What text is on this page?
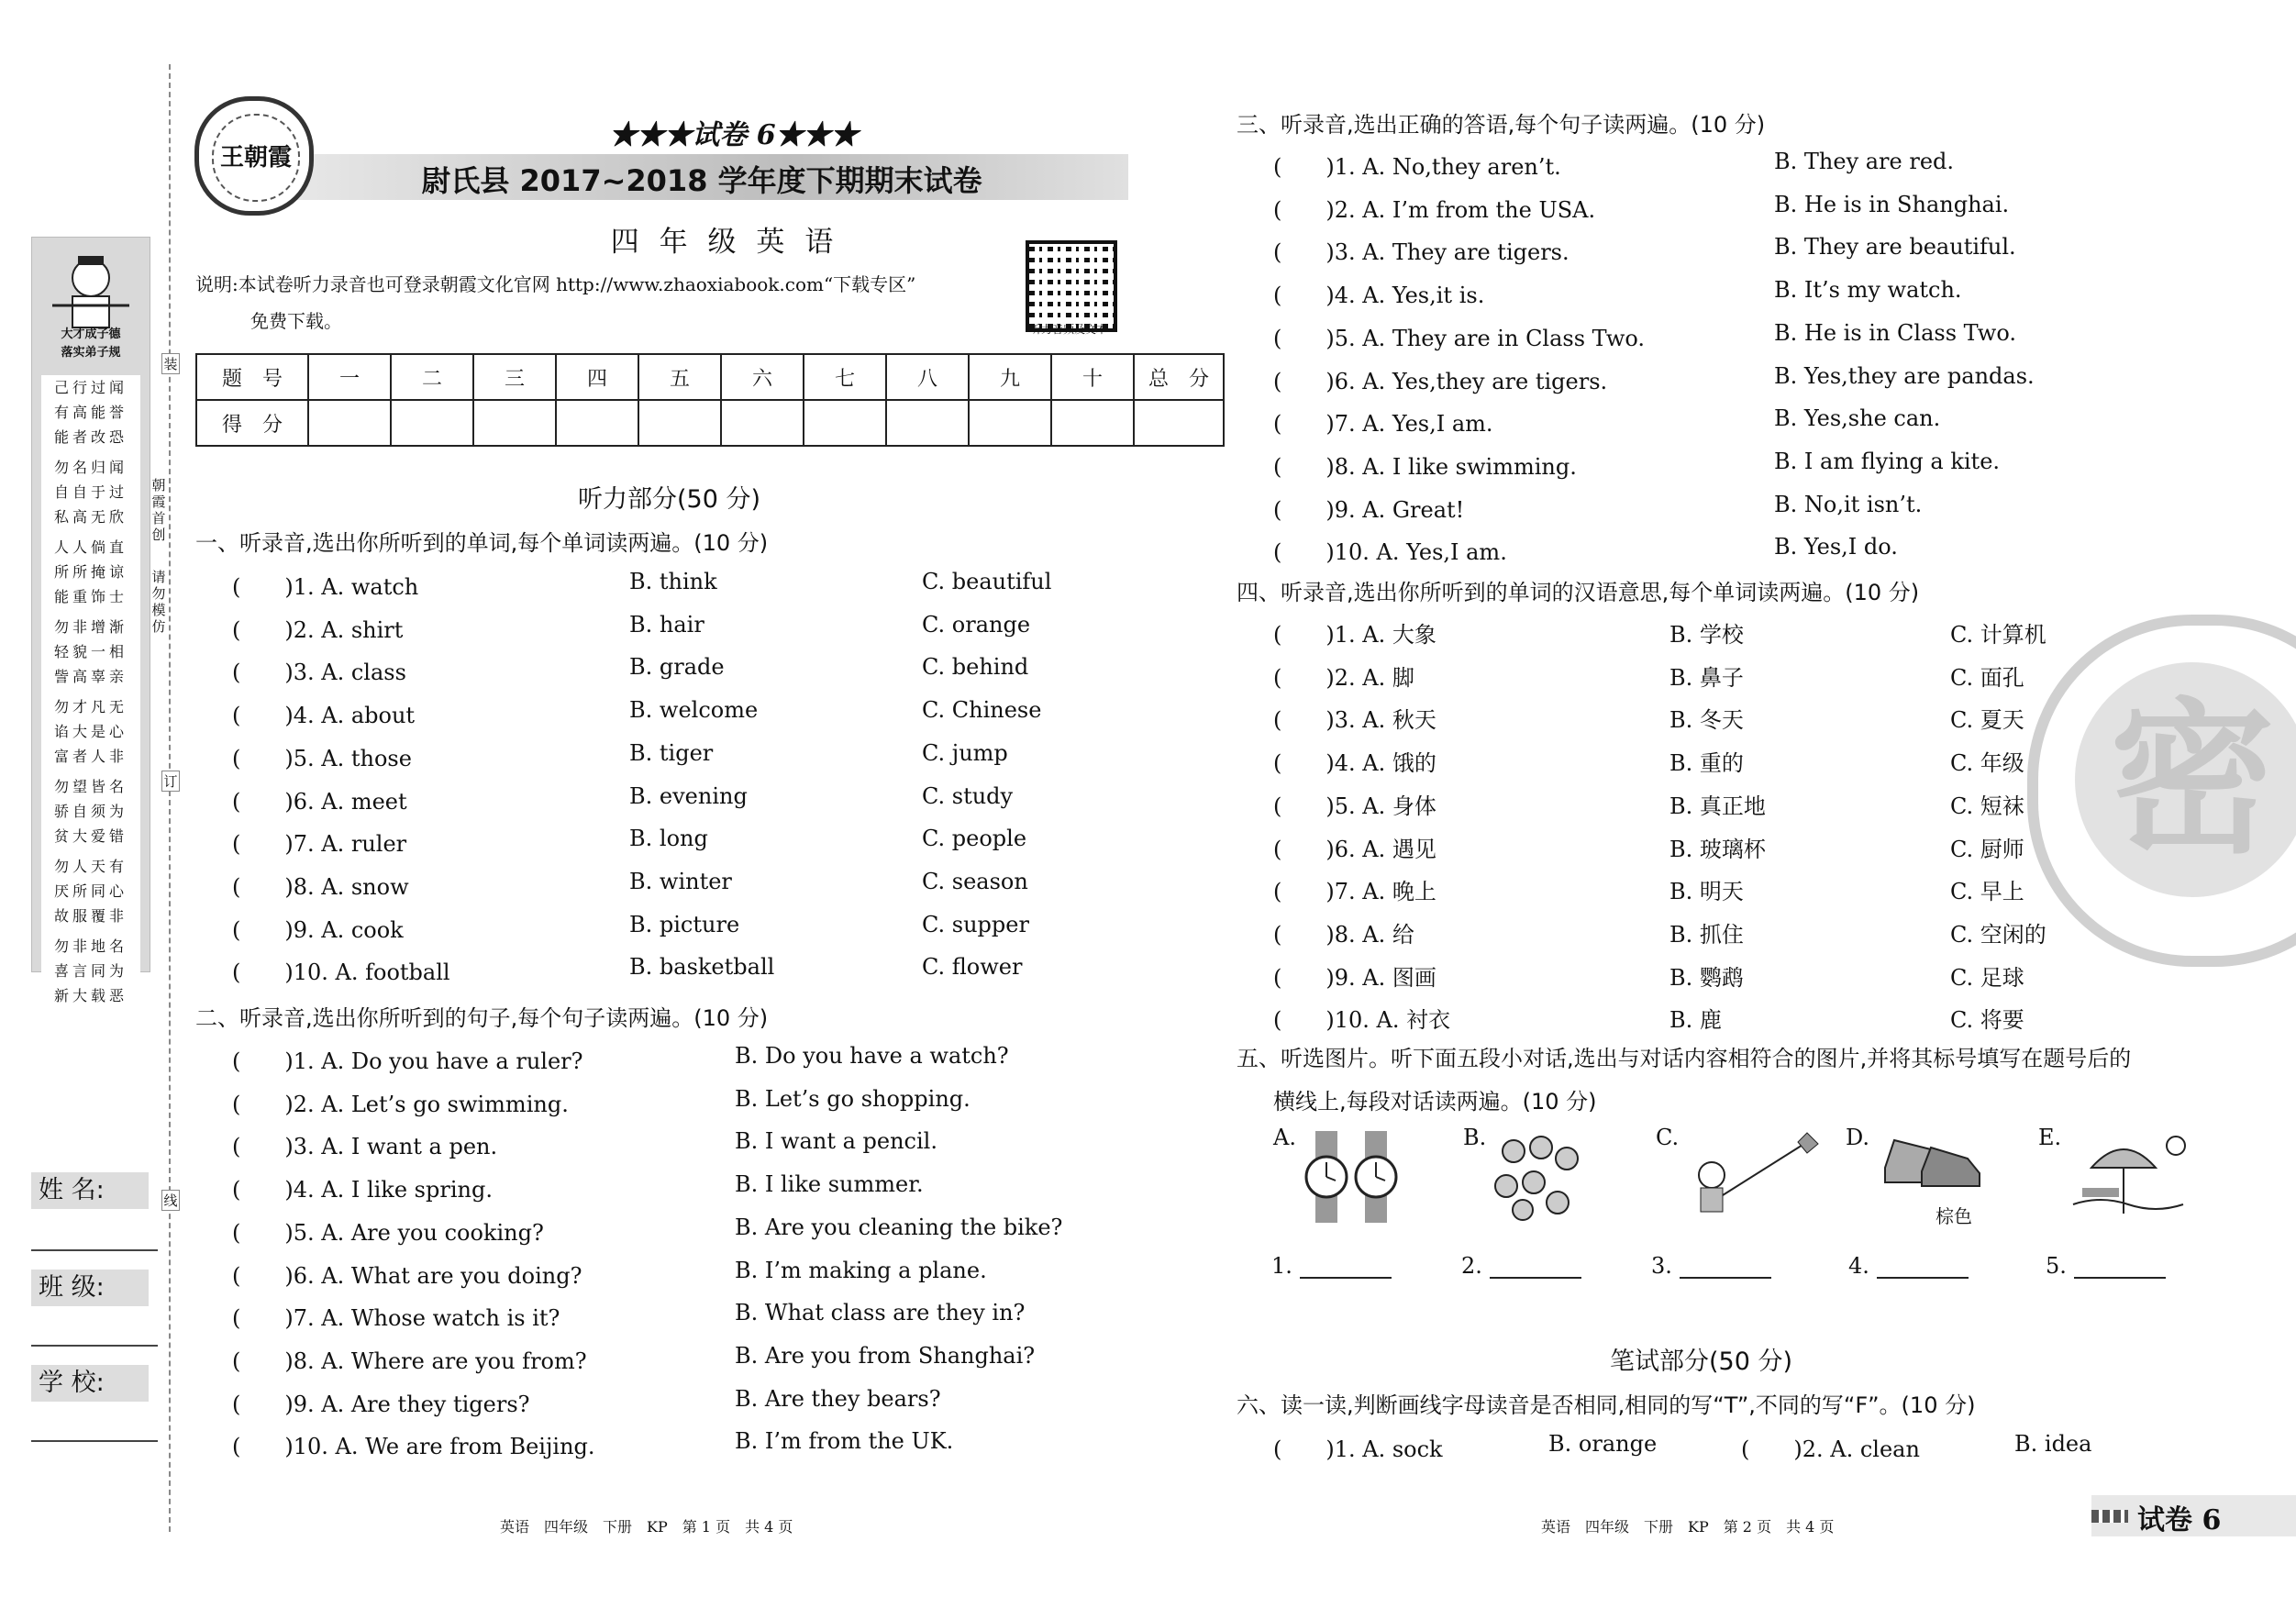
大才成子德
落实弟子规
己行过闻
有高能誉
能者改恐
勿名归闻
自自于过
私高无欣
人人倘直
所所掩谅
能重饰士
勿非增渐
轻貌一相
訾高辜亲
勿才凡无
谄大是心
富者人非
勿望皆名
骄自须为
贫大爱错
勿人天有
厌所同心
故服覆非
勿非地名
喜言同为
新大载恶
装
订
线
朝霞首创
请勿模仿
姓 名:
班 级:
学 校:
王朝霞
★★★试卷 6★★★
尉氏县 2017~2018 学年度下期期末试卷
四 年 级 英 语
说明:本试卷听力录音也可登录朝霞文化官网 http://www.zhaoxiabook.com“下载专区”
免费下载。	听力音频及文本
题　号	一	二	三	四	五	六	七	八	九	十	总　分
得　分											
听力部分(50 分)
一、听录音,选出你所听到的单词,每个单词读两遍。(10 分)
(　　)1. A. watch	B. think	C. beautiful
(　　)2. A. shirt	B. hair	C. orange
(　　)3. A. class	B. grade	C. behind
(　　)4. A. about	B. welcome	C. Chinese
(　　)5. A. those	B. tiger	C. jump
(　　)6. A. meet	B. evening	C. study
(　　)7. A. ruler	B. long	C. people
(　　)8. A. snow	B. winter	C. season
(　　)9. A. cook	B. picture	C. supper
(　　)10. A. football	B. basketball	C. flower
二、听录音,选出你所听到的句子,每个句子读两遍。(10 分)
(　　)1. A. Do you have a ruler?	B. Do you have a watch?
(　　)2. A. Let’s go swimming.	B. Let’s go shopping.
(　　)3. A. I want a pen.	B. I want a pencil.
(　　)4. A. I like spring.	B. I like summer.
(　　)5. A. Are you cooking?	B. Are you cleaning the bike?
(　　)6. A. What are you doing?	B. I’m making a plane.
(　　)7. A. Whose watch is it?	B. What class are they in?
(　　)8. A. Where are you from?	B. Are you from Shanghai?
(　　)9. A. Are they tigers?	B. Are they bears?
(　　)10. A. We are from Beijing.	B. I’m from the UK.
英语　四年级　下册　KP　第 1 页　共 4 页
密
三、听录音,选出正确的答语,每个句子读两遍。(10 分)
(　　)1. A. No,they aren’t.	B. They are red.
(　　)2. A. I’m from the USA.	B. He is in Shanghai.
(　　)3. A. They are tigers.	B. They are beautiful.
(　　)4. A. Yes,it is.	B. It’s my watch.
(　　)5. A. They are in Class Two.	B. He is in Class Two.
(　　)6. A. Yes,they are tigers.	B. Yes,they are pandas.
(　　)7. A. Yes,I am.	B. Yes,she can.
(　　)8. A. I like swimming.	B. I am flying a kite.
(　　)9. A. Great!	B. No,it isn’t.
(　　)10. A. Yes,I am.	B. Yes,I do.
四、听录音,选出你所听到的单词的汉语意思,每个单词读两遍。(10 分)
(　　)1. A. 大象	B. 学校	C. 计算机
(　　)2. A. 脚	B. 鼻子	C. 面孔
(　　)3. A. 秋天	B. 冬天	C. 夏天
(　　)4. A. 饿的	B. 重的	C. 年级
(　　)5. A. 身体	B. 真正地	C. 短袜
(　　)6. A. 遇见	B. 玻璃杯	C. 厨师
(　　)7. A. 晚上	B. 明天	C. 早上
(　　)8. A. 给	B. 抓住	C. 空闲的
(　　)9. A. 图画	B. 鹦鹉	C. 足球
(　　)10. A. 衬衣	B. 鹿	C. 将要
五、听选图片。听下面五段小对话,选出与对话内容相符合的图片,并将其标号填写在题号后的
横线上,每段对话读两遍。(10 分)
A.	B.	C.	D.
棕色
E.
1.	2.	3.	4.	5.
笔试部分(50 分)
六、读一读,判断画线字母读音是否相同,相同的写“T”,不同的写“F”。(10 分)
(　　)1. A. sock	B. orange	(　　)2. A. clean	B. idea
英语　四年级　下册　KP　第 2 页　共 4 页	试卷 6
